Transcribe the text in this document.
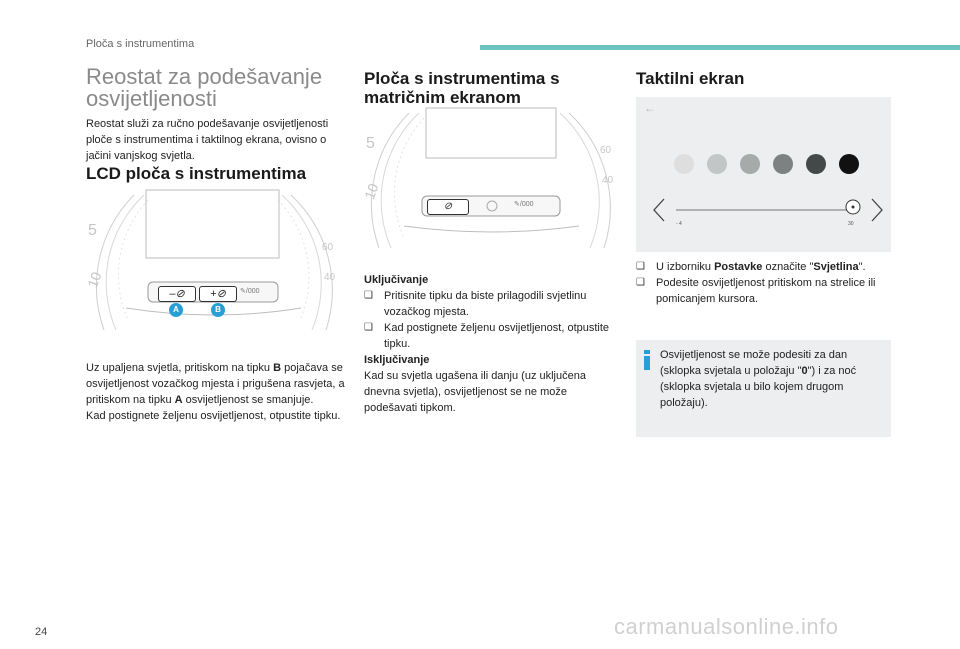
Ploča s instrumentima
Reostat za podešavanje osvijetljenosti
Reostat služi za ručno podešavanje osvijetljenosti ploče s instrumentima i taktilnog ekrana, ovisno o jačini vanjskog svjetla.
LCD ploča s instrumentima
5
10
60
40
–⊘	+⊘	✎/000
A	B
Uz upaljena svjetla, pritiskom na tipku B pojačava se osvijetljenost vozačkog mjesta i prigušena rasvjeta, a pritiskom na tipku A osvijetljenost se smanjuje.
Kad postignete željenu osvijetljenost, otpustite tipku.
Ploča s instrumentima s matričnim ekranom
5
10
60
40
⊘	✎/000
Uključivanje
❑	Pritisnite tipku da biste prilagodili svjetlinu vozačkog mjesta.
❑	Kad postignete željenu osvijetljenost, otpustite tipku.
Isključivanje
Kad su svjetla ugašena ili danju (uz uključena dnevna svjetla), osvijetljenost se ne može podešavati tipkom.
Taktilni ekran
←
- 4	30
❑	U izborniku Postavke označite "Svjetlina".
❑	Podesite osvijetljenost pritiskom na strelice ili pomicanjem kursora.
Osvijetljenost se može podesiti za dan (sklopka svjetala u položaju "0") i za noć (sklopka svjetala u bilo kojem drugom položaju).
24	carmanualsonline.info
